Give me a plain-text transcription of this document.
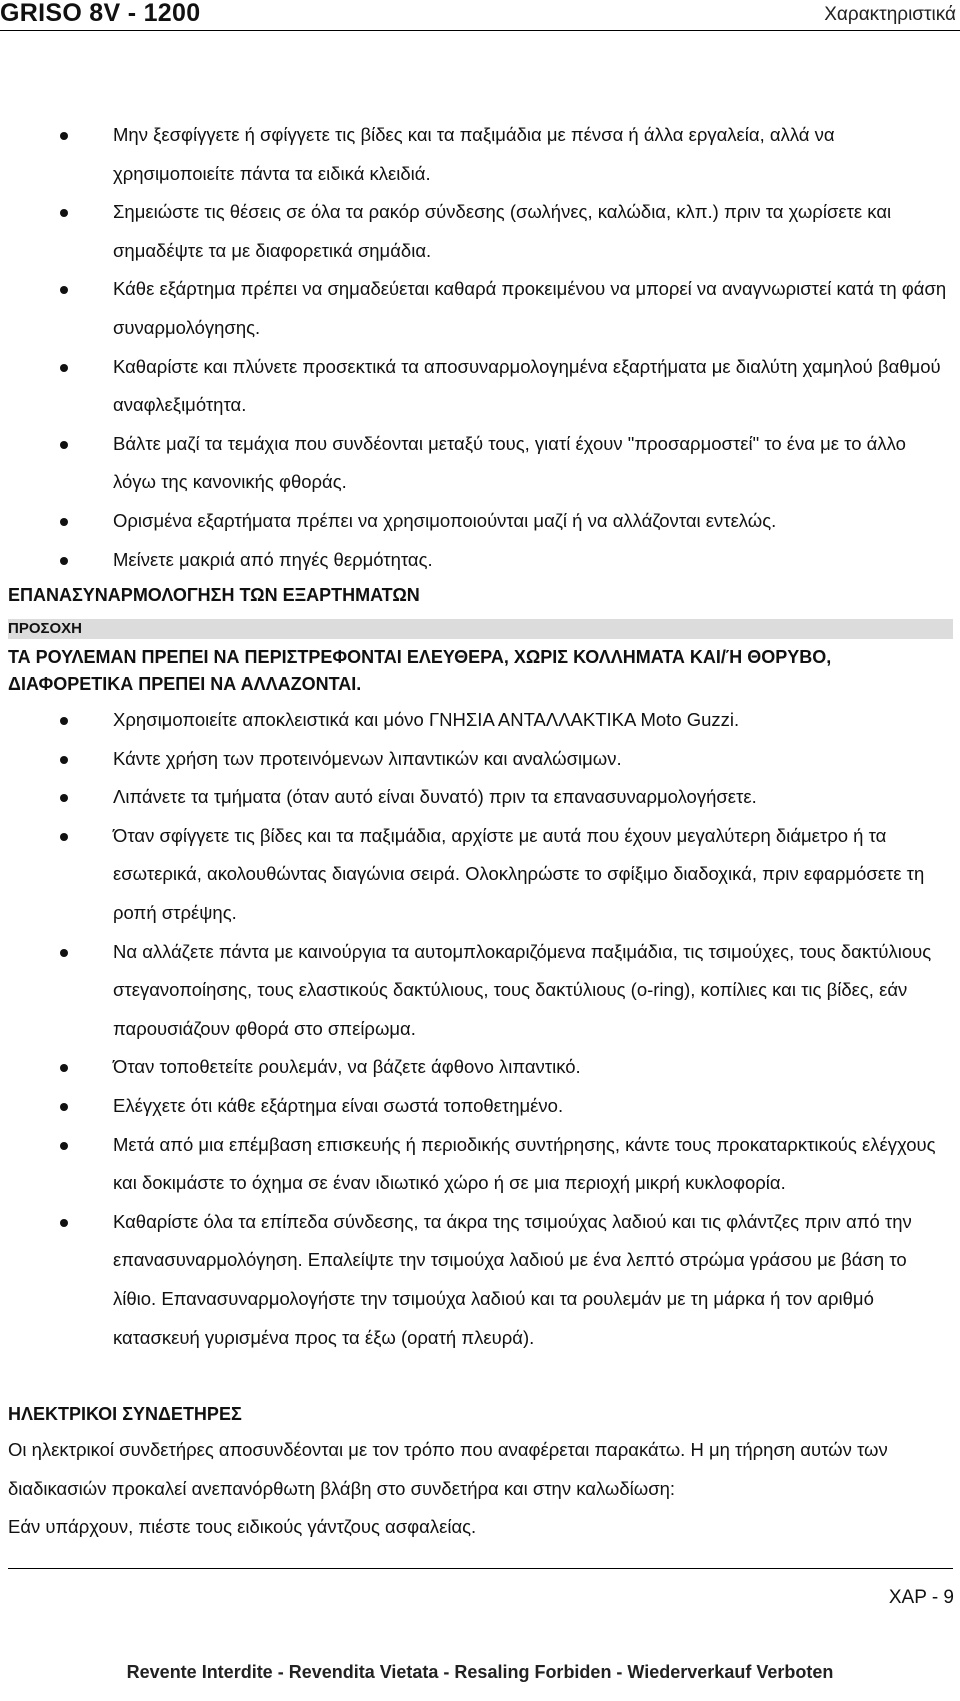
GRISO 8V - 1200	Χαρακτηριστικά
Μην ξεσφίγγετε ή σφίγγετε τις βίδες και τα παξιμάδια με πένσα ή άλλα εργαλεία, αλλά να χρησιμοποιείτε πάντα τα ειδικά κλειδιά.
Σημειώστε τις θέσεις σε όλα τα ρακόρ σύνδεσης (σωλήνες, καλώδια, κλπ.) πριν τα χωρίσετε και σημαδέψτε τα με διαφορετικά σημάδια.
Κάθε εξάρτημα πρέπει να σημαδεύεται καθαρά προκειμένου να μπορεί να αναγνωριστεί κατά τη φάση συναρμολόγησης.
Καθαρίστε και πλύνετε προσεκτικά τα αποσυναρμολογημένα εξαρτήματα με διαλύτη χαμηλού βαθμού αναφλεξιμότητα.
Βάλτε μαζί τα τεμάχια που συνδέονται μεταξύ τους, γιατί έχουν "προσαρμοστεί" το ένα με το άλλο λόγω της κανονικής φθοράς.
Ορισμένα εξαρτήματα πρέπει να χρησιμοποιούνται μαζί ή να αλλάζονται εντελώς.
Μείνετε μακριά από πηγές θερμότητας.
ΕΠΑΝΑΣΥΝΑΡΜΟΛΟΓΗΣΗ ΤΩΝ ΕΞΑΡΤΗΜΑΤΩΝ
ΠΡΟΣΟΧΗ
ΤΑ ΡΟΥΛΕΜΑΝ ΠΡΕΠΕΙ ΝΑ ΠΕΡΙΣΤΡΕΦΟΝΤΑΙ ΕΛΕΥΘΕΡΑ, ΧΩΡΙΣ ΚΟΛΛΗΜΑΤΑ ΚΑΙ/Ή ΘΟΡΥΒΟ, ΔΙΑΦΟΡΕΤΙΚΑ ΠΡΕΠΕΙ ΝΑ ΑΛΛΑΖΟΝΤΑΙ.
Χρησιμοποιείτε αποκλειστικά και μόνο ΓΝΗΣΙΑ ΑΝΤΑΛΛΑΚΤΙΚΑ Moto Guzzi.
Κάντε χρήση των προτεινόμενων λιπαντικών και αναλώσιμων.
Λιπάνετε τα τμήματα (όταν αυτό είναι δυνατό) πριν τα επανασυναρμολογήσετε.
Όταν σφίγγετε τις βίδες και τα παξιμάδια, αρχίστε με αυτά που έχουν μεγαλύτερη διάμετρο ή τα εσωτερικά, ακολουθώντας διαγώνια σειρά. Ολοκληρώστε το σφίξιμο διαδοχικά, πριν εφαρμόσετε τη ροπή στρέψης.
Να αλλάζετε πάντα με καινούργια τα αυτομπλοκαριζόμενα παξιμάδια, τις τσιμούχες, τους δακτύλιους στεγανοποίησης, τους ελαστικούς δακτύλιους, τους δακτύλιους (o-ring), κοπίλιες και τις βίδες, εάν παρουσιάζουν φθορά στο σπείρωμα.
Όταν τοποθετείτε ρουλεμάν, να βάζετε άφθονο λιπαντικό.
Ελέγχετε ότι κάθε εξάρτημα είναι σωστά τοποθετημένο.
Μετά από μια επέμβαση επισκευής ή περιοδικής συντήρησης, κάντε τους προκαταρκτικούς ελέγχους και δοκιμάστε το όχημα σε έναν ιδιωτικό χώρο ή σε μια περιοχή μικρή κυκλοφορία.
Καθαρίστε όλα τα επίπεδα σύνδεσης, τα άκρα της τσιμούχας λαδιού και τις φλάντζες πριν από την επανασυναρμολόγηση. Επαλείψτε την τσιμούχα λαδιού με ένα λεπτό στρώμα γράσου με βάση το λίθιο. Επανασυναρμολογήστε την τσιμούχα λαδιού και τα ρουλεμάν με τη μάρκα ή τον αριθμό κατασκευή γυρισμένα προς τα έξω (ορατή πλευρά).
ΗΛΕΚΤΡΙΚΟΙ ΣΥΝΔΕΤΗΡΕΣ
Οι ηλεκτρικοί συνδετήρες αποσυνδέονται με τον τρόπο που αναφέρεται παρακάτω. Η μη τήρηση αυτών των διαδικασιών προκαλεί ανεπανόρθωτη βλάβη στο συνδετήρα και στην καλωδίωση:
Εάν υπάρχουν, πιέστε τους ειδικούς γάντζους ασφαλείας.
ΧΑΡ - 9
Revente Interdite - Revendita Vietata - Resaling Forbiden - Wiederverkauf Verboten
